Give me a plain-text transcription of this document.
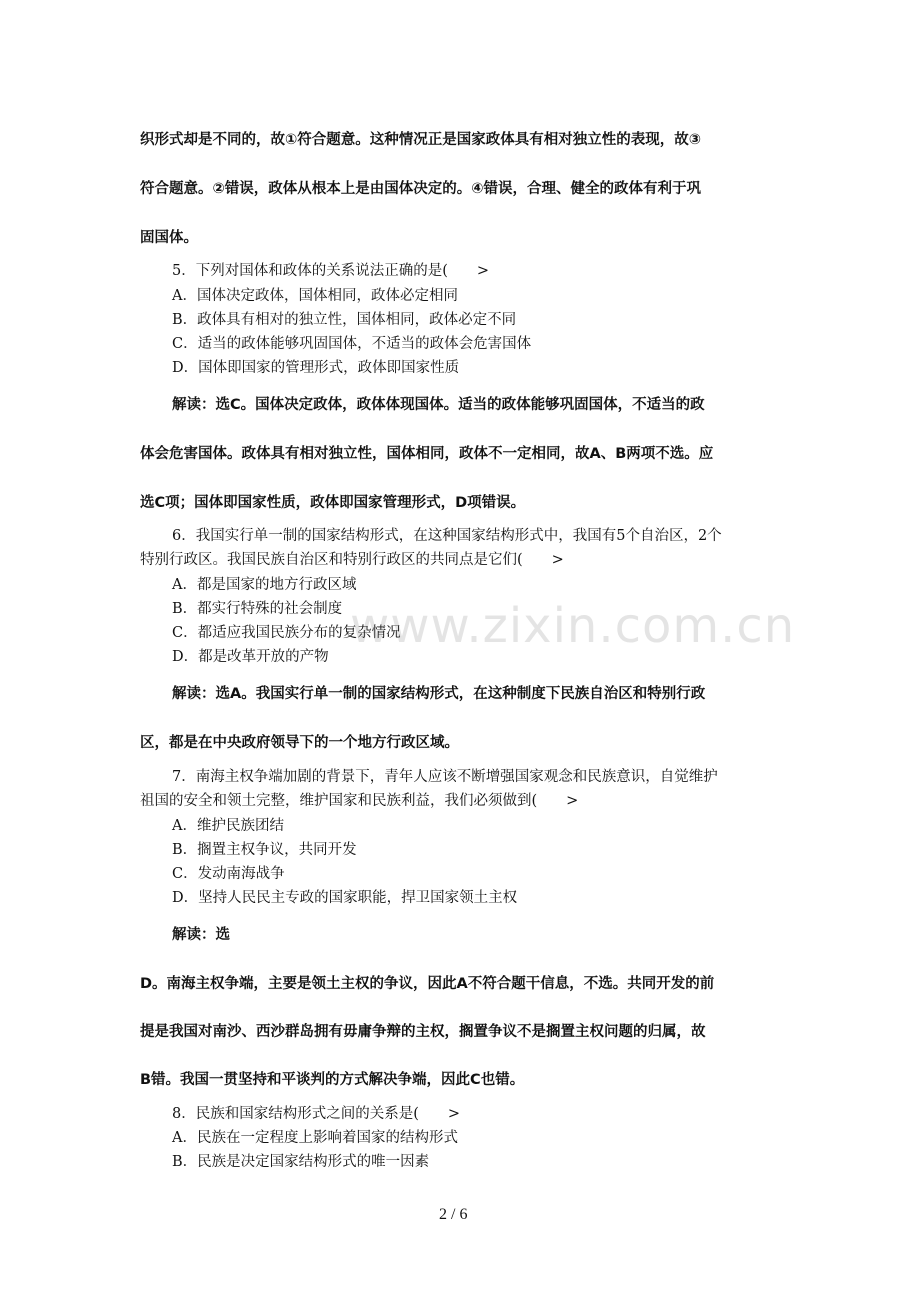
织形式却是不同的，故①符合题意。这种情况正是国家政体具有相对独立性的表现，故③
符合题意。②错误，政体从根本上是由国体决定的。④错误，合理、健全的政体有利于巩
固国体。
5．下列对国体和政体的关系说法正确的是(　　>
A．国体决定政体，国体相同，政体必定相同
B．政体具有相对的独立性，国体相同，政体必定不同
C．适当的政体能够巩固国体，不适当的政体会危害国体
D．国体即国家的管理形式，政体即国家性质
解读：选C。国体决定政体，政体体现国体。适当的政体能够巩固国体，不适当的政
体会危害国体。政体具有相对独立性，国体相同，政体不一定相同，故A、B两项不选。应
选C项；国体即国家性质，政体即国家管理形式，D项错误。
6．我国实行单一制的国家结构形式，在这种国家结构形式中，我国有5个自治区，2个
特别行政区。我国民族自治区和特别行政区的共同点是它们(　　>
A．都是国家的地方行政区域
B．都实行特殊的社会制度
C．都适应我国民族分布的复杂情况
D．都是改革开放的产物
解读：选A。我国实行单一制的国家结构形式，在这种制度下民族自治区和特别行政
区，都是在中央政府领导下的一个地方行政区域。
7．南海主权争端加剧的背景下，青年人应该不断增强国家观念和民族意识，自觉维护
祖国的安全和领土完整，维护国家和民族利益，我们必须做到(　　>
A．维护民族团结
B．搁置主权争议，共同开发
C．发动南海战争
D．坚持人民民主专政的国家职能，捍卫国家领土主权
解读：选
D。南海主权争端，主要是领土主权的争议，因此A不符合题干信息，不选。共同开发的前
提是我国对南沙、西沙群岛拥有毋庸争辩的主权，搁置争议不是搁置主权问题的归属，故
B错。我国一贯坚持和平谈判的方式解决争端，因此C也错。
8．民族和国家结构形式之间的关系是(　　>
A．民族在一定程度上影响着国家的结构形式
B．民族是决定国家结构形式的唯一因素
www.zixin.com.cn
2 / 6
